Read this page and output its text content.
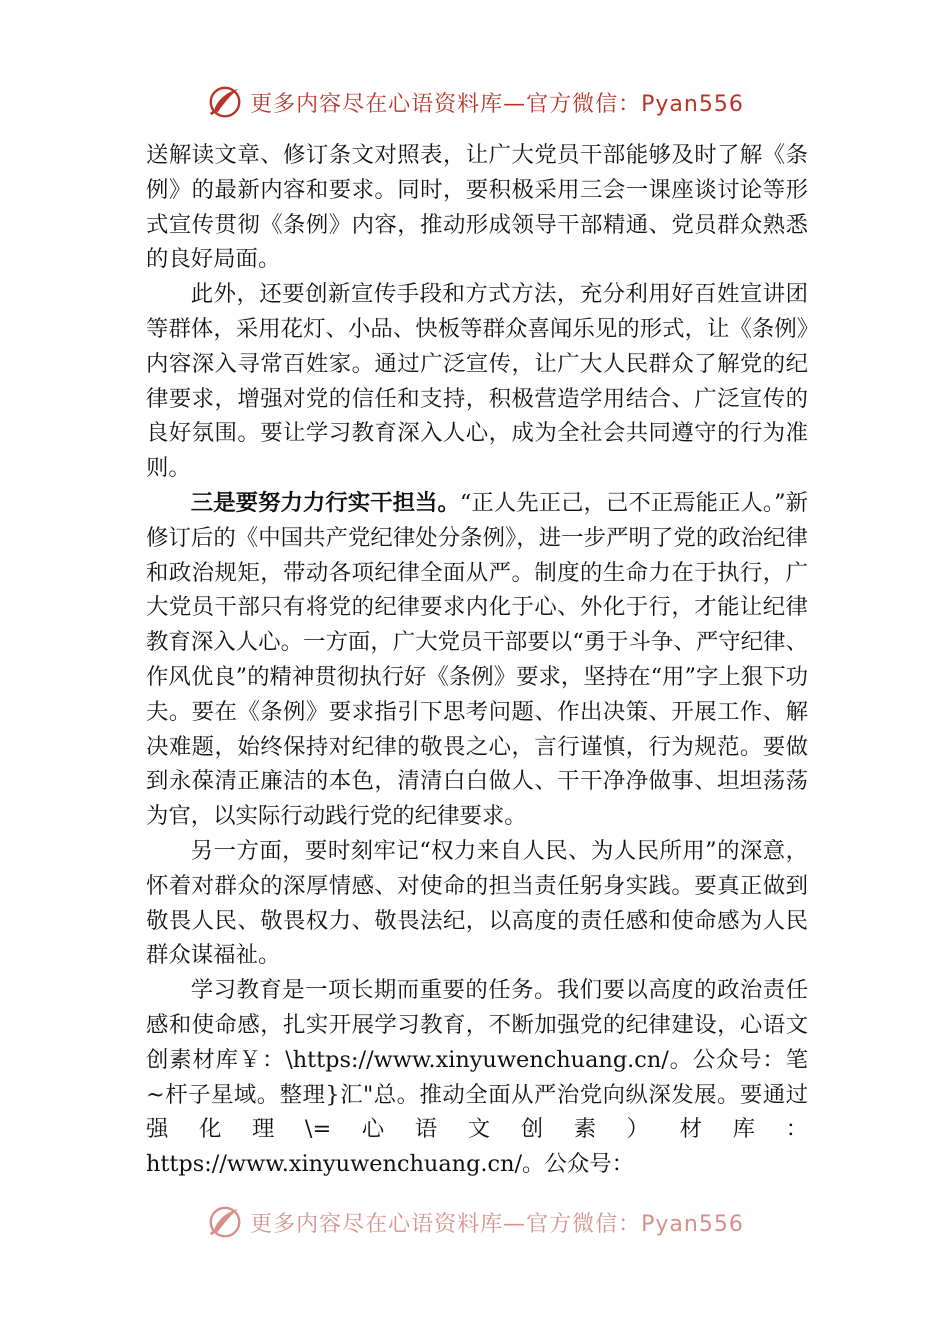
更多内容尽在心语资料库—官方微信：Pyan556

送解读文章、修订条文对照表，让广大党员干部能够及时了解《条例》的最新内容和要求。同时，要积极采用三会一课座谈讨论等形式宣传贯彻《条例》内容，推动形成领导干部精通、党员群众熟悉的良好局面。

此外，还要创新宣传手段和方式方法，充分利用好百姓宣讲团等群体，采用花灯、小品、快板等群众喜闻乐见的形式，让《条例》内容深入寻常百姓家。通过广泛宣传，让广大人民群众了解党的纪律要求，增强对党的信任和支持，积极营造学用结合、广泛宣传的良好氛围。要让学习教育深入人心，成为全社会共同遵守的行为准则。

三是要努力力行实干担当。“正人先正己，己不正焉能正人。”新修订后的《中国共产党纪律处分条例》，进一步严明了党的政治纪律和政治规矩，带动各项纪律全面从严。制度的生命力在于执行，广大党员干部只有将党的纪律要求内化于心、外化于行，才能让纪律教育深入人心。一方面，广大党员干部要以“勇于斗争、严守纪律、作风优良”的精神贯彻执行好《条例》要求，坚持在“用”字上狠下功夫。要在《条例》要求指引下思考问题、作出决策、开展工作、解决难题，始终保持对纪律的敬畏之心，言行谨慎，行为规范。要做到永葆清正廉洁的本色，清清白白做人、干干净净做事、坦坦荡荡为官，以实际行动践行党的纪律要求。

另一方面，要时刻牢记“权力来自人民、为人民所用”的深意，怀着对群众的深厚情感、对使命的担当责任躬身实践。要真正做到敬畏人民、敬畏权力、敬畏法纪，以高度的责任感和使命感为人民群众谋福祉。

学习教育是一项长期而重要的任务。我们要以高度的政治责任感和使命感，扎实开展学习教育，不断加强党的纪律建设，心语文创素材库￥：\https://www.xinyuwenchuang.cn/。公众号：笔~杆子星域。整理}汇"总。推动全面从严治党向纵深发展。要通过强化理\=心语文创素）材库：https://www.xinyuwenchuang.cn/。公众号：

更多内容尽在心语资料库—官方微信：Pyan556
